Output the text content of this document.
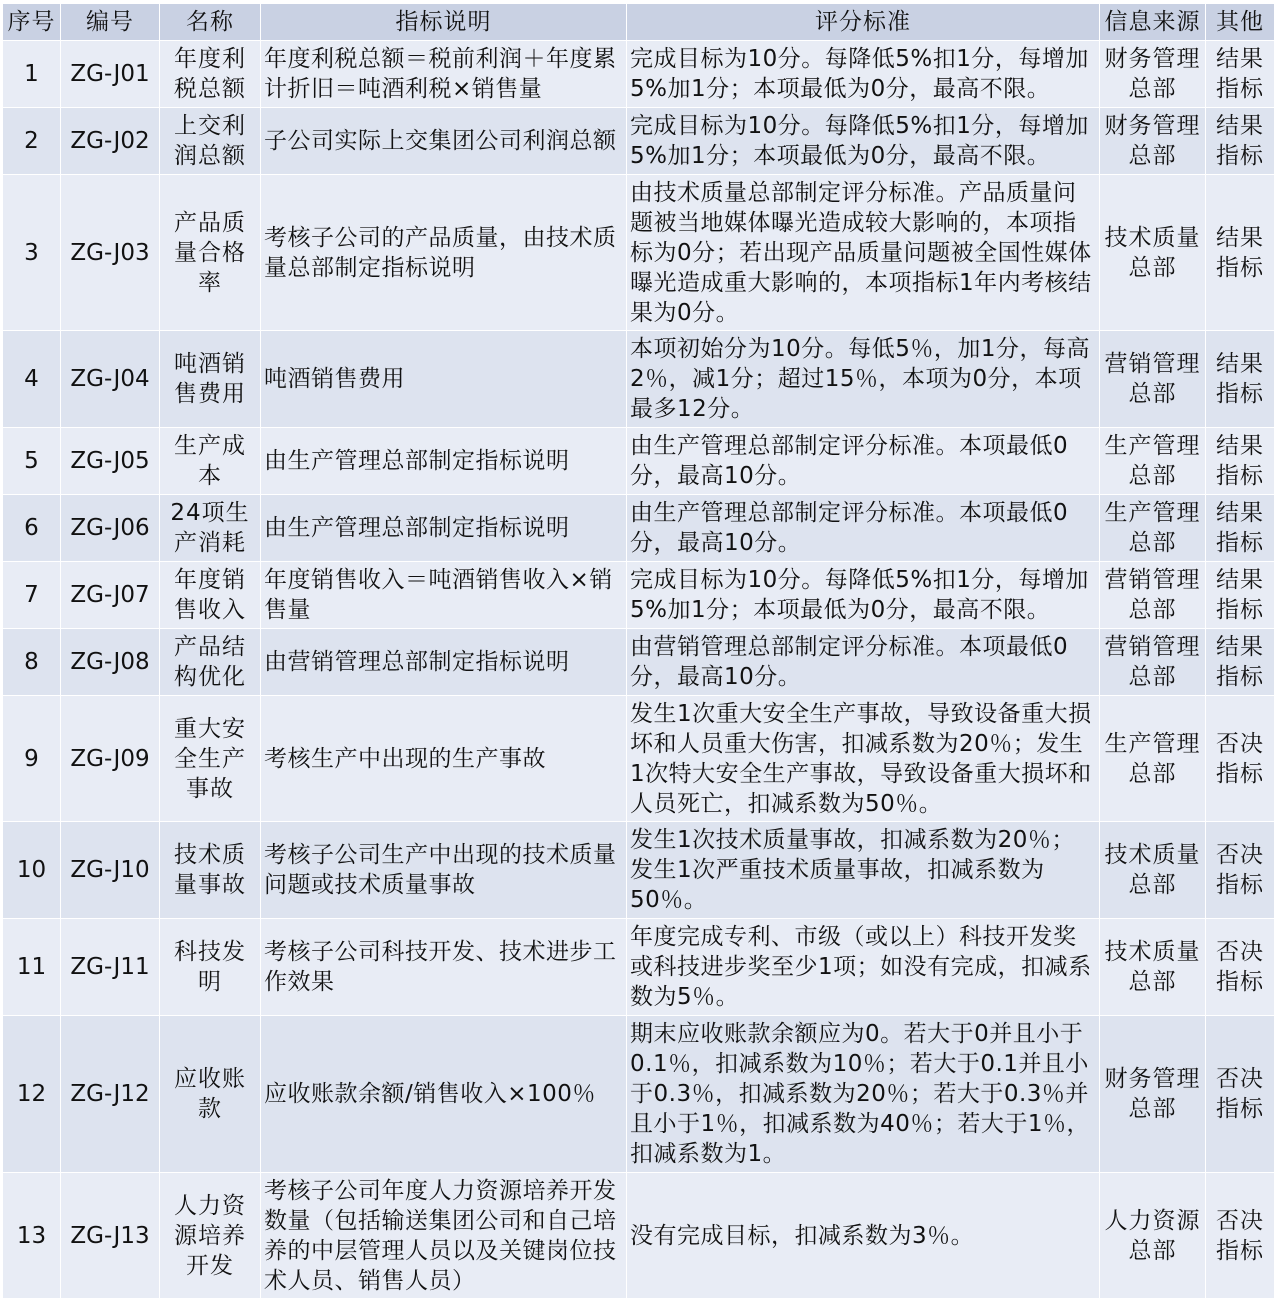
序号	编号	名称	指标说明	评分标准	信息来源	其他
1	ZG-J01	年度利税总额	年度利税总额＝税前利润＋年度累计折旧＝吨酒利税×销售量	完成目标为10分。每降低5%扣1分，每增加5%加1分；本项最低为0分，最高不限。	财务管理总部	结果指标
2	ZG-J02	上交利润总额	子公司实际上交集团公司利润总额	完成目标为10分。每降低5%扣1分，每增加5%加1分；本项最低为0分，最高不限。	财务管理总部	结果指标
3	ZG-J03	产品质量合格率	考核子公司的产品质量，由技术质量总部制定指标说明	由技术质量总部制定评分标准。产品质量问题被当地媒体曝光造成较大影响的，本项指标为0分；若出现产品质量问题被全国性媒体曝光造成重大影响的，本项指标1年内考核结果为0分。	技术质量总部	结果指标
4	ZG-J04	吨酒销售费用	吨酒销售费用	本项初始分为10分。每低5％，加1分，每高2％，减1分；超过15％，本项为0分，本项最多12分。	营销管理总部	结果指标
5	ZG-J05	生产成本	由生产管理总部制定指标说明	由生产管理总部制定评分标准。本项最低0分，最高10分。	生产管理总部	结果指标
6	ZG-J06	24项生产消耗	由生产管理总部制定指标说明	由生产管理总部制定评分标准。本项最低0分，最高10分。	生产管理总部	结果指标
7	ZG-J07	年度销售收入	年度销售收入＝吨酒销售收入×销售量	完成目标为10分。每降低5%扣1分，每增加5%加1分；本项最低为0分，最高不限。	营销管理总部	结果指标
8	ZG-J08	产品结构优化	由营销管理总部制定指标说明	由营销管理总部制定评分标准。本项最低0分，最高10分。	营销管理总部	结果指标
9	ZG-J09	重大安全生产事故	考核生产中出现的生产事故	发生1次重大安全生产事故，导致设备重大损坏和人员重大伤害，扣减系数为20％；发生1次特大安全生产事故，导致设备重大损坏和人员死亡，扣减系数为50％。	生产管理总部	否决指标
10	ZG-J10	技术质量事故	考核子公司生产中出现的技术质量问题或技术质量事故	发生1次技术质量事故，扣减系数为20％；发生1次严重技术质量事故，扣减系数为50％。	技术质量总部	否决指标
11	ZG-J11	科技发明	考核子公司科技开发、技术进步工作效果	年度完成专利、市级（或以上）科技开发奖或科技进步奖至少1项；如没有完成，扣减系数为5％。	技术质量总部	否决指标
12	ZG-J12	应收账款	应收账款余额/销售收入×100％	期末应收账款余额应为0。若大于0并且小于0.1％，扣减系数为10％；若大于0.1并且小于0.3％，扣减系数为20％；若大于0.3％并且小于1％，扣减系数为40％；若大于1％，扣减系数为1。	财务管理总部	否决指标
13	ZG-J13	人力资源培养开发	考核子公司年度人力资源培养开发数量（包括输送集团公司和自己培养的中层管理人员以及关键岗位技术人员、销售人员）	没有完成目标，扣减系数为3％。	人力资源总部	否决指标
